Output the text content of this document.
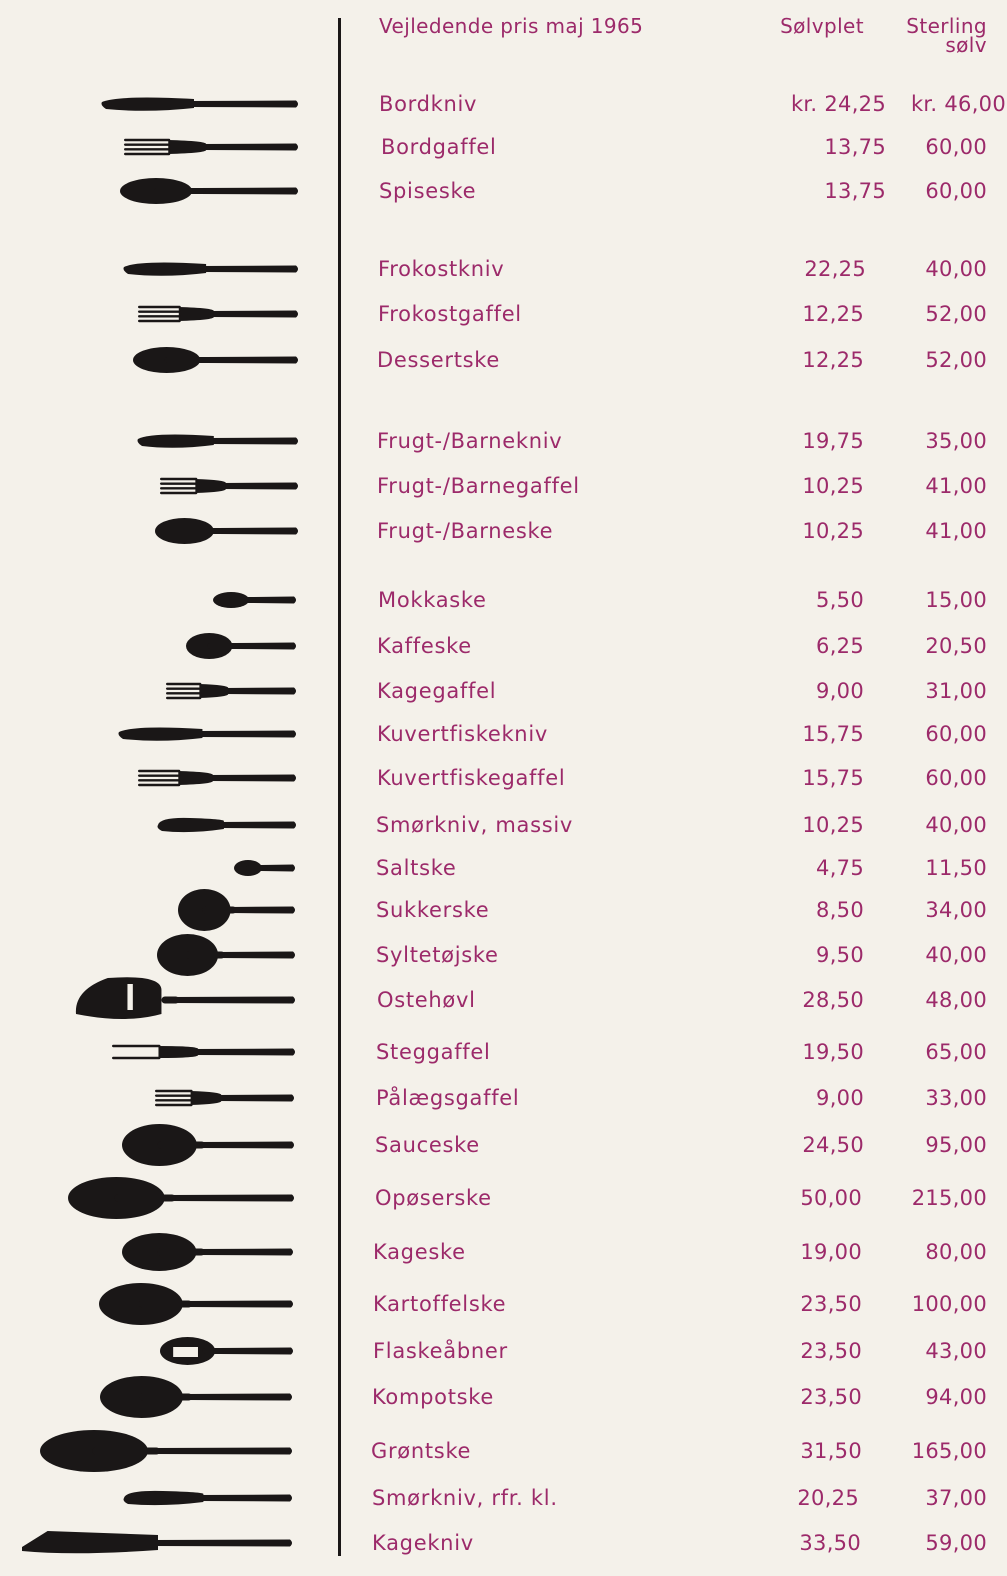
Vejledende pris maj 1965	Sølvplet	Sterling
sølv
Bordkniv	kr. 24,25	kr. 46,00
Bordgaffel	13,75	60,00
Spiseske	13,75	60,00
Frokostkniv	22,25	40,00
Frokostgaffel	12,25	52,00
Dessertske	12,25	52,00
Frugt-/Barnekniv	19,75	35,00
Frugt-/Barnegaffel	10,25	41,00
Frugt-/Barneske	10,25	41,00
Mokkaske	5,50	15,00
Kaffeske	6,25	20,50
Kagegaffel	9,00	31,00
Kuvertfiskekniv	15,75	60,00
Kuvertfiskegaffel	15,75	60,00
Smørkniv, massiv	10,25	40,00
Saltske	4,75	11,50
Sukkerske	8,50	34,00
Syltetøjske	9,50	40,00
Ostehøvl	28,50	48,00
Steggaffel	19,50	65,00
Pålægsgaffel	9,00	33,00
Sauceske	24,50	95,00
Opøserske	50,00	215,00
Kageske	19,00	80,00
Kartoffelske	23,50	100,00
Flaskeåbner	23,50	43,00
Kompotske	23,50	94,00
Grøntske	31,50	165,00
Smørkniv, rfr. kl.	20,25	37,00
Kagekniv	33,50	59,00
